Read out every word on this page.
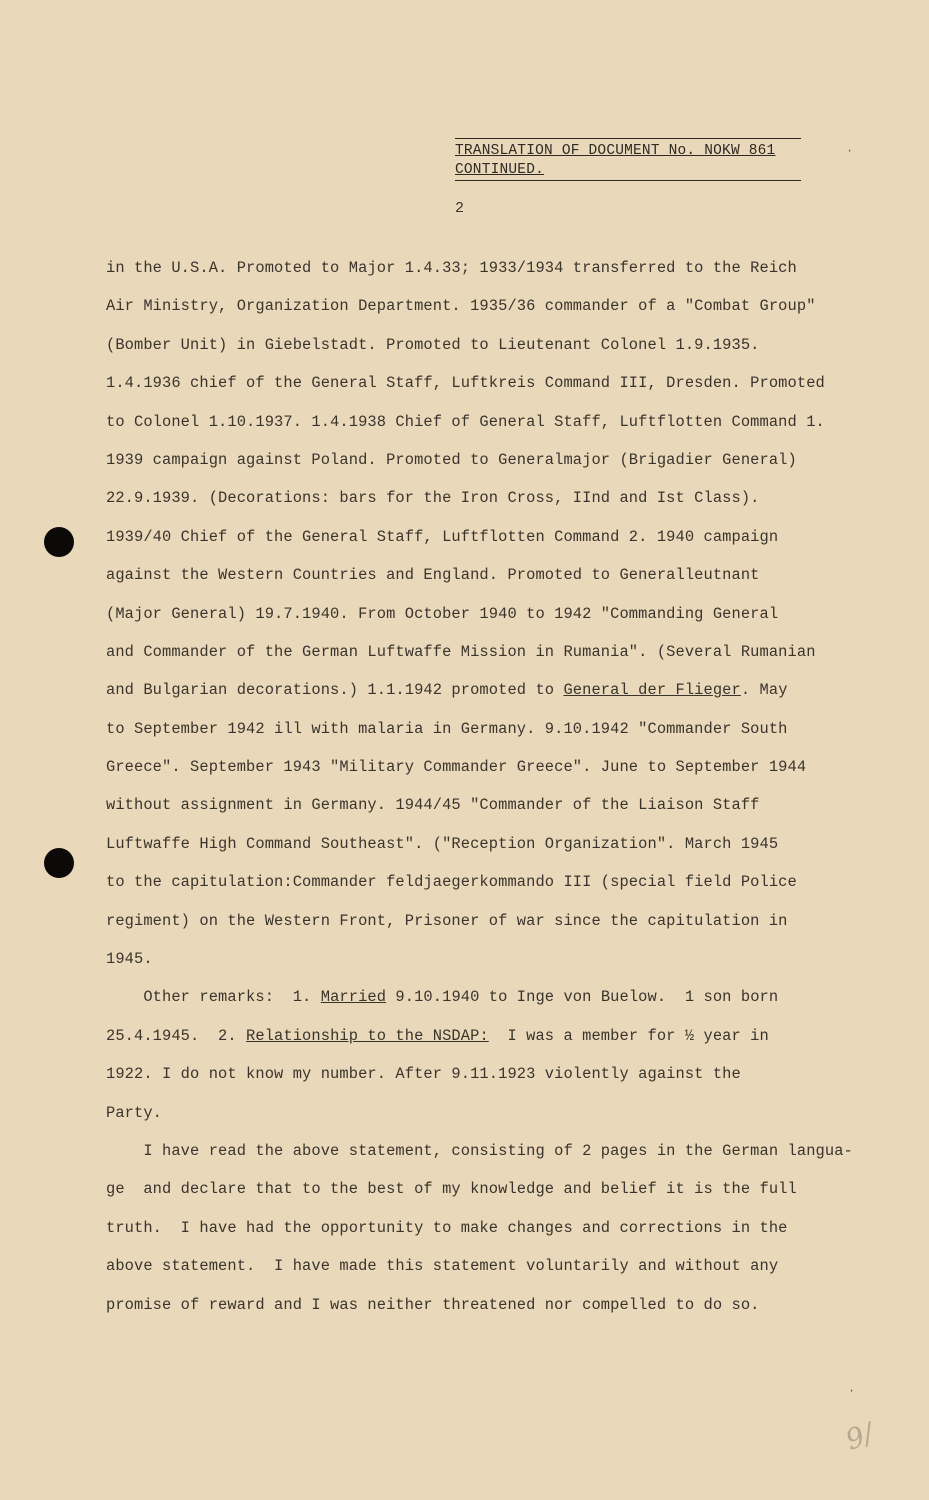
TRANSLATION OF DOCUMENT No. NOKW 861
CONTINUED.
2
in the U.S.A. Promoted to Major 1.4.33; 1933/1934 transferred to the Reich
Air Ministry, Organization Department. 1935/36 commander of a "Combat Group"
(Bomber Unit) in Giebelstadt. Promoted to Lieutenant Colonel 1.9.1935.
1.4.1936 chief of the General Staff, Luftkreis Command III, Dresden. Promoted
to Colonel 1.10.1937. 1.4.1938 Chief of General Staff, Luftflotten Command 1.
1939 campaign against Poland. Promoted to Generalmajor (Brigadier General)
22.9.1939. (Decorations: bars for the Iron Cross, IInd and Ist Class).
1939/40 Chief of the General Staff, Luftflotten Command 2. 1940 campaign
against the Western Countries and England. Promoted to Generalleutnant
(Major General) 19.7.1940. From October 1940 to 1942 "Commanding General
and Commander of the German Luftwaffe Mission in Rumania". (Several Rumanian
and Bulgarian decorations.) 1.1.1942 promoted to General der Flieger. May
to September 1942 ill with malaria in Germany. 9.10.1942 "Commander South
Greece". September 1943 "Military Commander Greece". June to September 1944
without assignment in Germany. 1944/45 "Commander of the Liaison Staff
Luftwaffe High Command Southeast". ("Reception Organization". March 1945
to the capitulation:Commander feldjaegerkommando III (special field Police
regiment) on the Western Front, Prisoner of war since the capitulation in
1945.
Other remarks:  1. Married 9.10.1940 to Inge von Buelow.  1 son born
25.4.1945.  2. Relationship to the NSDAP:  I was a member for ½ year in
1922. I do not know my number. After 9.11.1923 violently against the
Party.
I have read the above statement, consisting of 2 pages in the German langua-
ge  and declare that to the best of my knowledge and belief it is the full
truth.  I have had the opportunity to make changes and corrections in the
above statement.  I have made this statement voluntarily and without any
promise of reward and I was neither threatened nor compelled to do so.
·
·
9/
